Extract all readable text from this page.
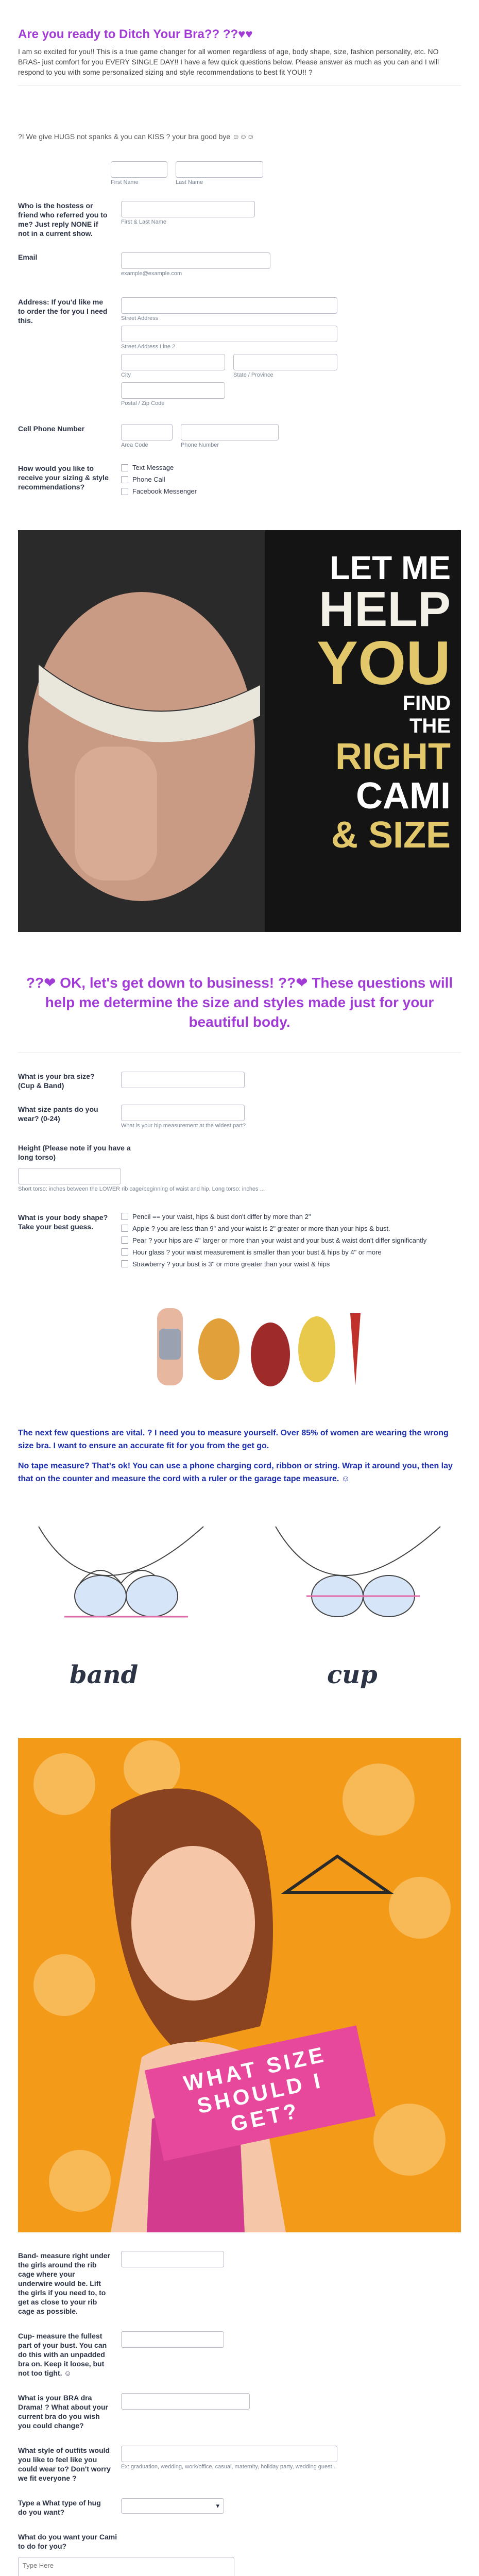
Are you ready to Ditch Your Bra?? ??♥♥
I am so excited for you!! This is a true game changer for all women regardless of age, body shape, size, fashion personality, etc. NO BRAS- just comfort for you EVERY SINGLE DAY!! I have a few quick questions below. Please answer as much as you can and I will respond to you with some personalized sizing and style recommendations to best fit YOU!! ?
?I We give HUGS not spanks & you can KISS ? your bra good bye ☺☺☺
First Name	Last Name
Who is the hostess or friend who referred you to me? Just reply NONE if not in a current show.
First & Last Name
Email
example@example.com
Address: If you'd like me to order the for you I need this.	Street Address
Street Address Line 2
City	State / Province
Postal / Zip Code
Cell Phone Number
Area Code	Phone Number
How would you like to receive your sizing & style recommendations?
Text Message
Phone Call
Facebook Messenger
LET ME
HELP
YOU
FIND
THE
RIGHT
CAMI
& SIZE
??❤ OK, let's get down to business! ??❤ These questions will help me determine the size and styles made just for your beautiful body.
What is your bra size? (Cup & Band)
What size pants do you wear? (0-24)
What is your hip measurement at the widest part?
Height (Please note if you have a long torso)
Short torso: inches between the LOWER rib cage/beginning of waist and hip. Long torso: inches ...
What is your body shape? Take your best guess.
Pencil == your waist, hips & bust don't differ by more than 2"
Apple ? you are less than 9" and your waist is 2" greater or more than your hips & bust.
Pear ? your hips are 4" larger or more than your waist and your bust & waist don't differ significantly
Hour glass ? your waist measurement is smaller than your bust & hips by 4" or more
Strawberry ? your bust is 3" or more greater than your waist & hips

The next few questions are vital. ? I need you to measure yourself. Over 85% of women are wearing the wrong size bra. I want to ensure an accurate fit for you from the get go.

No tape measure? That's ok! You can use a phone charging cord, ribbon or string. Wrap it around you, then lay that on the counter and measure the cord with a ruler or the garage tape measure. ☺

band	cup
WHAT SIZE SHOULD I GET?
Band- measure right under the girls around the rib cage where your underwire would be. Lift the girls if you need to, to get as close to your rib cage as possible.
Cup- measure the fullest part of your bust. You can do this with an unpadded bra on. Keep it loose, but not too tight. ☺
What is your BRA dra Drama! ? What about your current bra do you wish you could change?
What style of outfits would you like to feel like you could wear to? Don't worry we fit everyone ?
Ex: graduation, wedding, work/office, casual, maternity, holiday party, wedding guest...
Type a What type of hug do you want?
▾
What do you want your Cami to do for you?
Type Here
